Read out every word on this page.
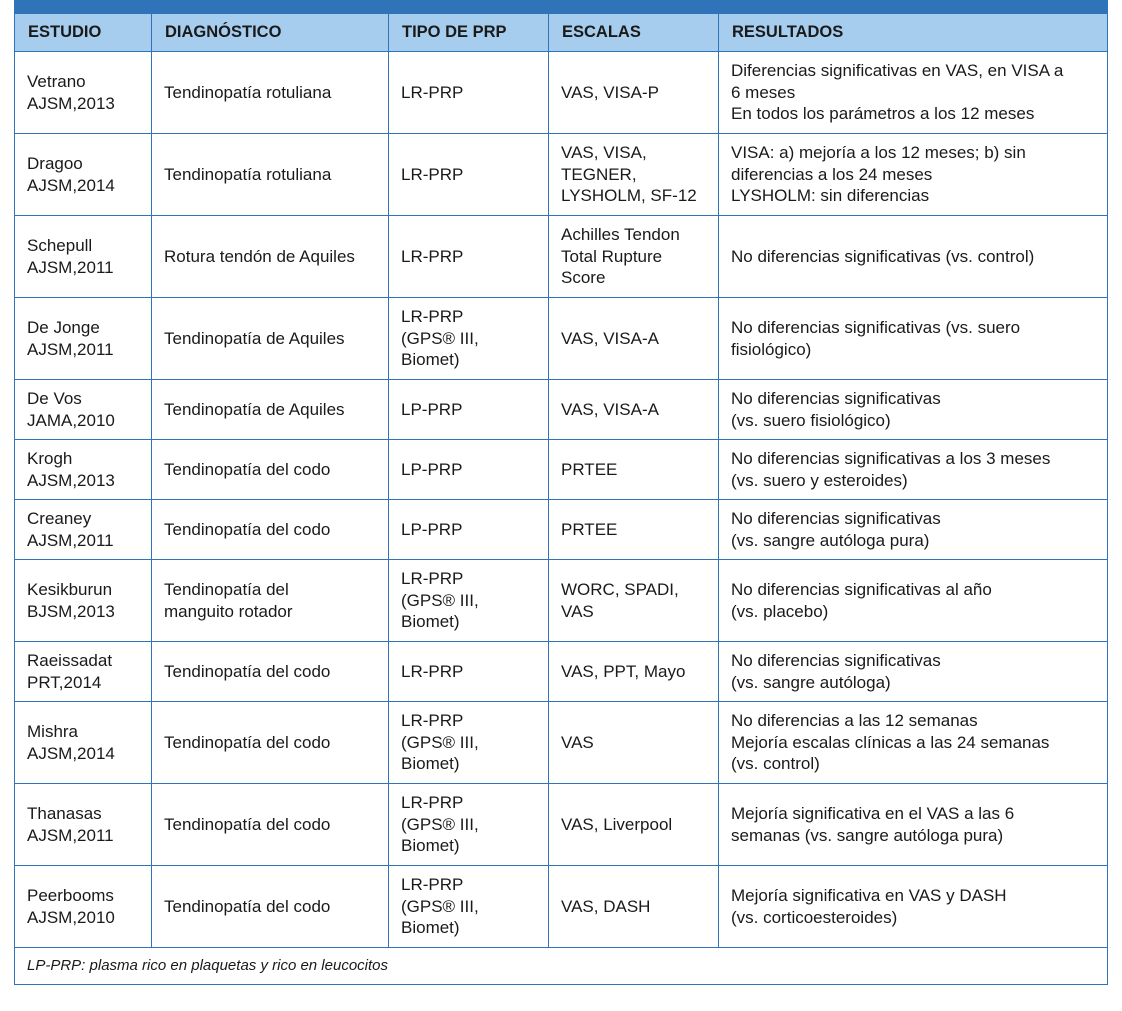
ESTUDIO	DIAGNÓSTICO	TIPO DE PRP	ESCALAS	RESULTADOS

Vetrano
AJSM,2013	Tendinopatía rotuliana	LR-PRP	VAS, VISA-P	Diferencias significativas en VAS, en VISA a
6 meses
En todos los parámetros a los 12 meses

Dragoo
AJSM,2014	Tendinopatía rotuliana	LR-PRP	VAS, VISA,
TEGNER,
LYSHOLM, SF-12	VISA: a) mejoría a los 12 meses; b) sin
diferencias a los 24 meses
LYSHOLM: sin diferencias

Schepull
AJSM,2011	Rotura tendón de Aquiles	LR-PRP	Achilles Tendon
Total Rupture
Score	No diferencias significativas (vs. control)

De Jonge
AJSM,2011	Tendinopatía de Aquiles	LR-PRP
(GPS® III,
Biomet)	VAS, VISA-A	No diferencias significativas (vs. suero
fisiológico)

De Vos
JAMA,2010	Tendinopatía de Aquiles	LP-PRP	VAS, VISA-A	No diferencias significativas
(vs. suero fisiológico)

Krogh
AJSM,2013	Tendinopatía del codo	LP-PRP	PRTEE	No diferencias significativas a los 3 meses
(vs. suero y esteroides)

Creaney
AJSM,2011	Tendinopatía del codo	LP-PRP	PRTEE	No diferencias significativas
(vs. sangre autóloga pura)

Kesikburun
BJSM,2013	Tendinopatía del
manguito rotador	LR-PRP
(GPS® III,
Biomet)	WORC, SPADI, VAS	No diferencias significativas al año
(vs. placebo)

Raeissadat
PRT,2014	Tendinopatía del codo	LR-PRP	VAS, PPT, Mayo	No diferencias significativas
(vs. sangre autóloga)

Mishra
AJSM,2014	Tendinopatía del codo	LR-PRP
(GPS® III,
Biomet)	VAS	No diferencias a las 12 semanas
Mejoría escalas clínicas a las 24 semanas
(vs. control)

Thanasas
AJSM,2011	Tendinopatía del codo	LR-PRP
(GPS® III,
Biomet)	VAS, Liverpool	Mejoría significativa en el VAS a las 6
semanas (vs. sangre autóloga pura)

Peerbooms
AJSM,2010	Tendinopatía del codo	LR-PRP
(GPS® III,
Biomet)	VAS, DASH	Mejoría significativa en VAS y DASH
(vs. corticoesteroides)

LP-PRP: plasma rico en plaquetas y rico en leucocitos				
